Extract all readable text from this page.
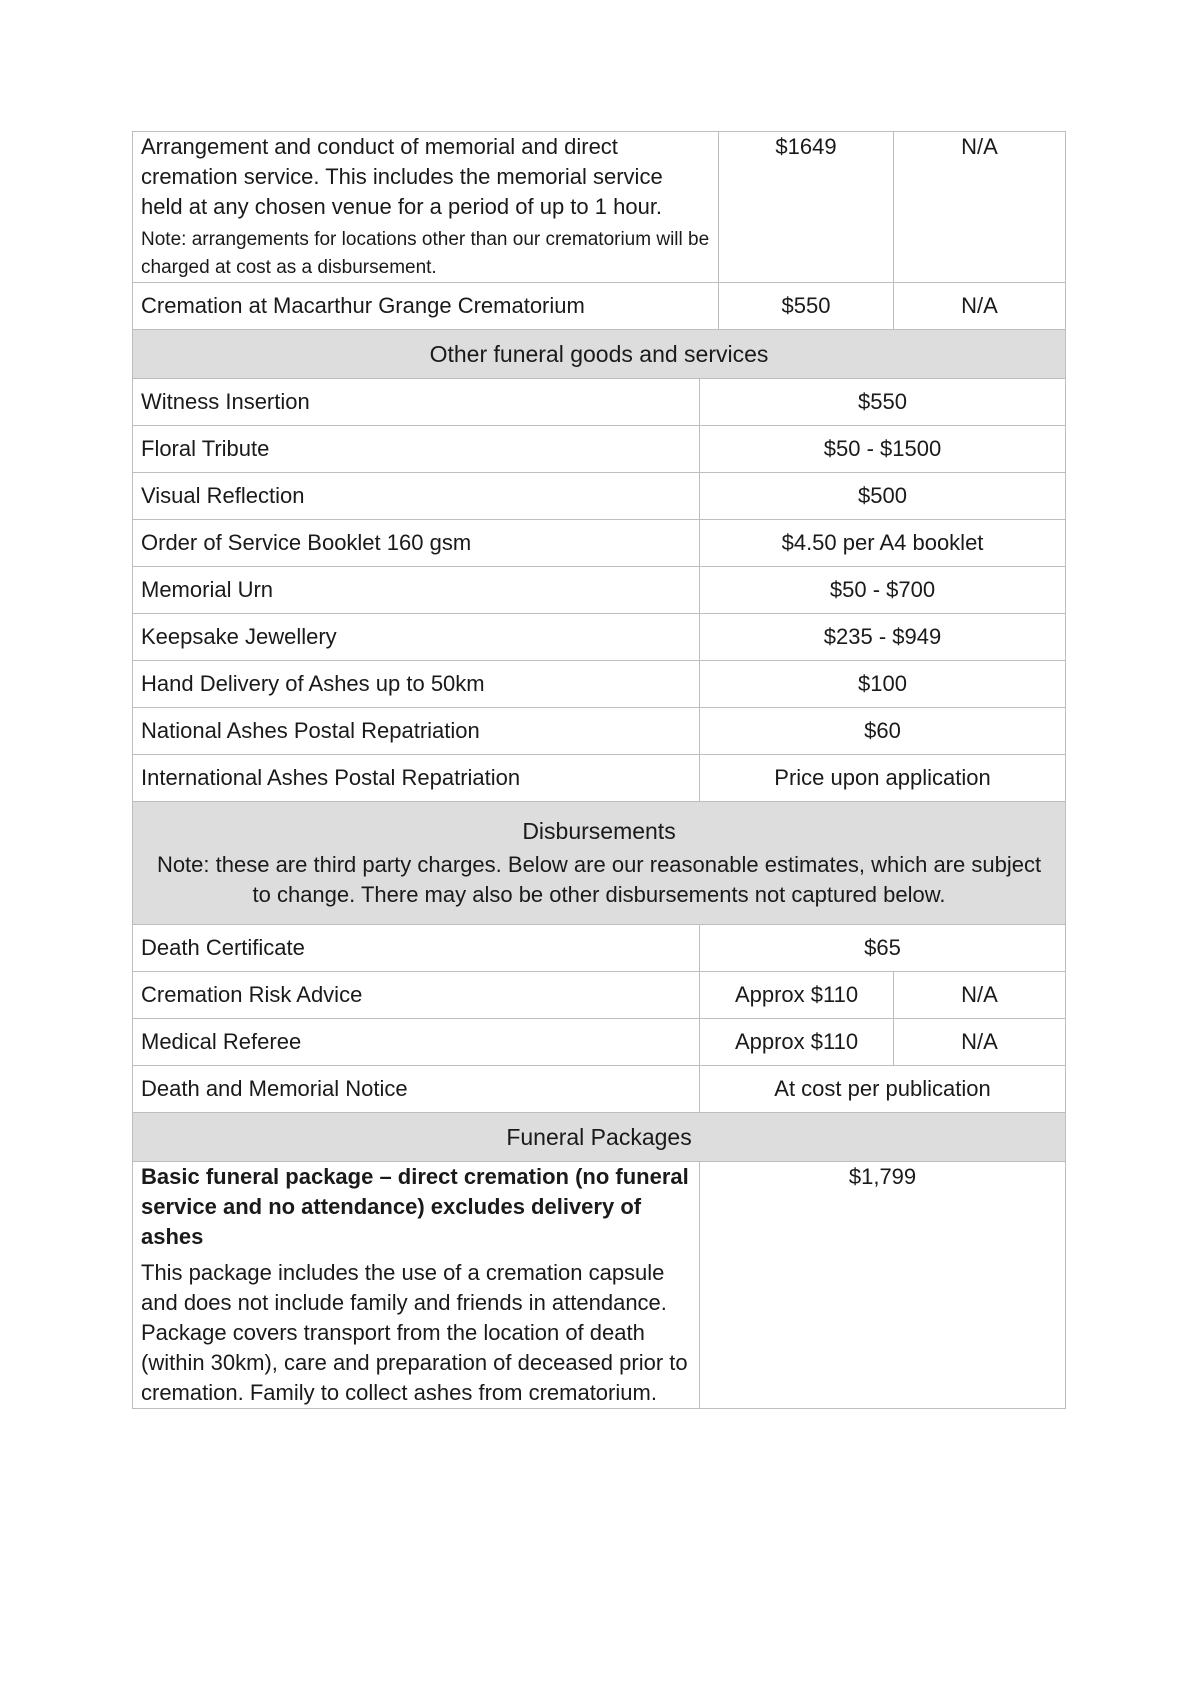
Arrangement and conduct of memorial and direct cremation service. This includes the memorial service held at any chosen venue for a period of up to 1 hour.
Note: arrangements for locations other than our crematorium will be charged at cost as a disbursement.		$1649	N/A
Cremation at Macarthur Grange Crematorium		$550	N/A
Other funeral goods and services			
Witness Insertion	$550		
Floral Tribute	$50 - $1500		
Visual Reflection	$500		
Order of Service Booklet 160 gsm	$4.50 per A4 booklet		
Memorial Urn	$50 - $700		
Keepsake Jewellery	$235 - $949		
Hand Delivery of Ashes up to 50km	$100		
National Ashes Postal Repatriation	$60		
International Ashes Postal Repatriation	Price upon application		

Disbursements
Note: these are third party charges. Below are our reasonable estimates, which are subject to change. There may also be other disbursements not captured below.			

Death Certificate	$65		
Cremation Risk Advice	Approx $110		N/A
Medical Referee	Approx $110		N/A
Death and Memorial Notice	At cost per publication		
Funeral Packages			

Basic funeral package – direct cremation (no funeral service and no attendance) excludes delivery of ashes
This package includes the use of a cremation capsule and does not include family and friends in attendance. Package covers transport from the location of death (within 30km), care and preparation of deceased prior to cremation. Family to collect ashes from crematorium.	$1,799		
